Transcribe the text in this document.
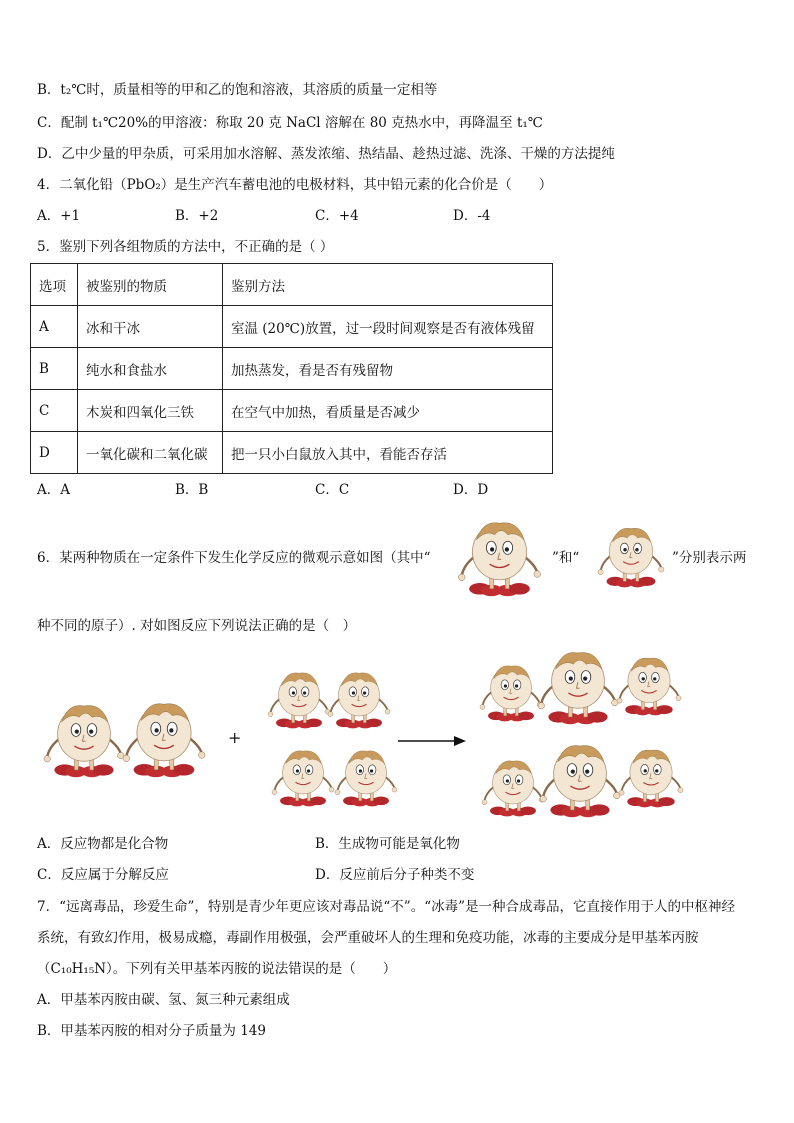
B．t₂℃时，质量相等的甲和乙的饱和溶液，其溶质的质量一定相等
C．配制 t₁℃20%的甲溶液：称取 20 克 NaCl 溶解在 80 克热水中，再降温至 t₁℃
D．乙中少量的甲杂质，可采用加水溶解、蒸发浓缩、热结晶、趁热过滤、洗涤、干燥的方法提纯
4．二氧化铅（PbO₂）是生产汽车蓄电池的电极材料，其中铅元素的化合价是（　　）
A．+1	B．+2	C．+4	D．-4
5．鉴别下列各组物质的方法中，不正确的是（ ）
选项	被鉴别的物质	鉴别方法
A	冰和干冰	室温 (20℃)放置，过一段时间观察是否有液体残留
B	纯水和食盐水	加热蒸发，看是否有残留物
C	木炭和四氧化三铁	在空气中加热，看质量是否减少
D	一氧化碳和二氧化碳	把一只小白鼠放入其中，看能否存活
A．A	B．B	C．C	D．D
6．某两种物质在一定条件下发生化学反应的微观示意如图（其中“	”和“	”分别表示两
种不同的原子）. 对如图反应下列说法正确的是（　）
+
A．反应物都是化合物	B．生成物可能是氧化物
C．反应属于分解反应	D．反应前后分子种类不变
7．“远离毒品，珍爱生命”，特别是青少年更应该对毒品说“不”。“冰毒”是一种合成毒品，它直接作用于人的中枢神经
系统，有致幻作用，极易成瘾，毒副作用极强，会严重破坏人的生理和免疫功能，冰毒的主要成分是甲基苯丙胺
（C₁₀H₁₅N）。下列有关甲基苯丙胺的说法错误的是（　　）
A．甲基苯丙胺由碳、氢、氮三种元素组成
B．甲基苯丙胺的相对分子质量为 149
